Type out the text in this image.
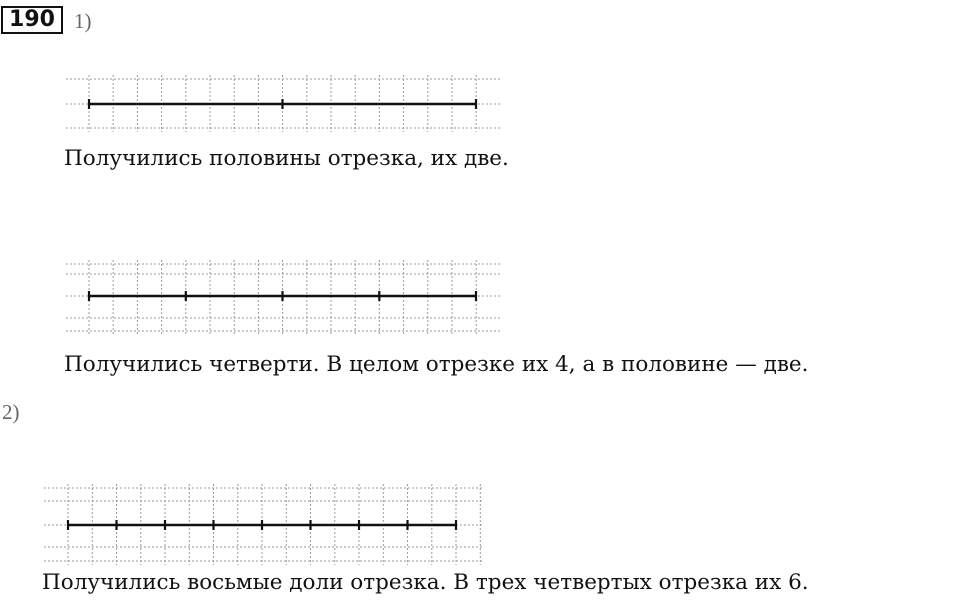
190 1)
Получились половины отрезка, их две.
Получились четверти. В целом отрезке их 4, а в половине — две.
2)
Получились восьмые доли отрезка. В трех четвертых отрезка их 6.
